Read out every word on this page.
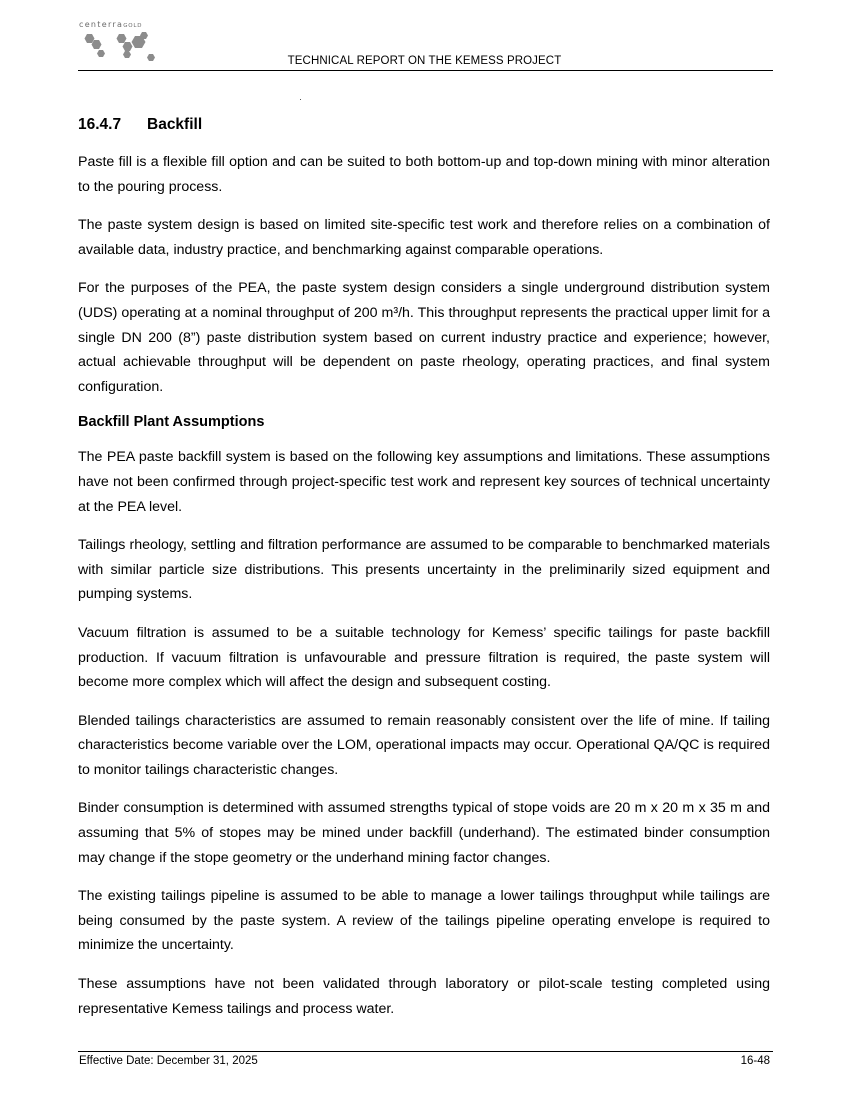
centerraGOLD
TECHNICAL REPORT ON THE KEMESS PROJECT
16.4.7 Backfill

Paste fill is a flexible fill option and can be suited to both bottom-up and top-down mining with minor alteration to the pouring process.

The paste system design is based on limited site-specific test work and therefore relies on a combination of available data, industry practice, and benchmarking against comparable operations.

For the purposes of the PEA, the paste system design considers a single underground distribution system (UDS) operating at a nominal throughput of 200 m³/h. This throughput represents the practical upper limit for a single DN 200 (8”) paste distribution system based on current industry practice and experience; however, actual achievable throughput will be dependent on paste rheology, operating practices, and final system configuration.

Backfill Plant Assumptions

The PEA paste backfill system is based on the following key assumptions and limitations. These assumptions have not been confirmed through project-specific test work and represent key sources of technical uncertainty at the PEA level.

Tailings rheology, settling and filtration performance are assumed to be comparable to benchmarked materials with similar particle size distributions. This presents uncertainty in the preliminarily sized equipment and pumping systems.

Vacuum filtration is assumed to be a suitable technology for Kemess’ specific tailings for paste backfill production. If vacuum filtration is unfavourable and pressure filtration is required, the paste system will become more complex which will affect the design and subsequent costing.

Blended tailings characteristics are assumed to remain reasonably consistent over the life of mine. If tailing characteristics become variable over the LOM, operational impacts may occur. Operational QA/QC is required to monitor tailings characteristic changes.

Binder consumption is determined with assumed strengths typical of stope voids are 20 m x 20 m x 35 m and assuming that 5% of stopes may be mined under backfill (underhand). The estimated binder consumption may change if the stope geometry or the underhand mining factor changes.

The existing tailings pipeline is assumed to be able to manage a lower tailings throughput while tailings are being consumed by the paste system. A review of the tailings pipeline operating envelope is required to minimize the uncertainty.

These assumptions have not been validated through laboratory or pilot-scale testing completed using representative Kemess tailings and process water.

Effective Date: December 31, 2025	16-48
